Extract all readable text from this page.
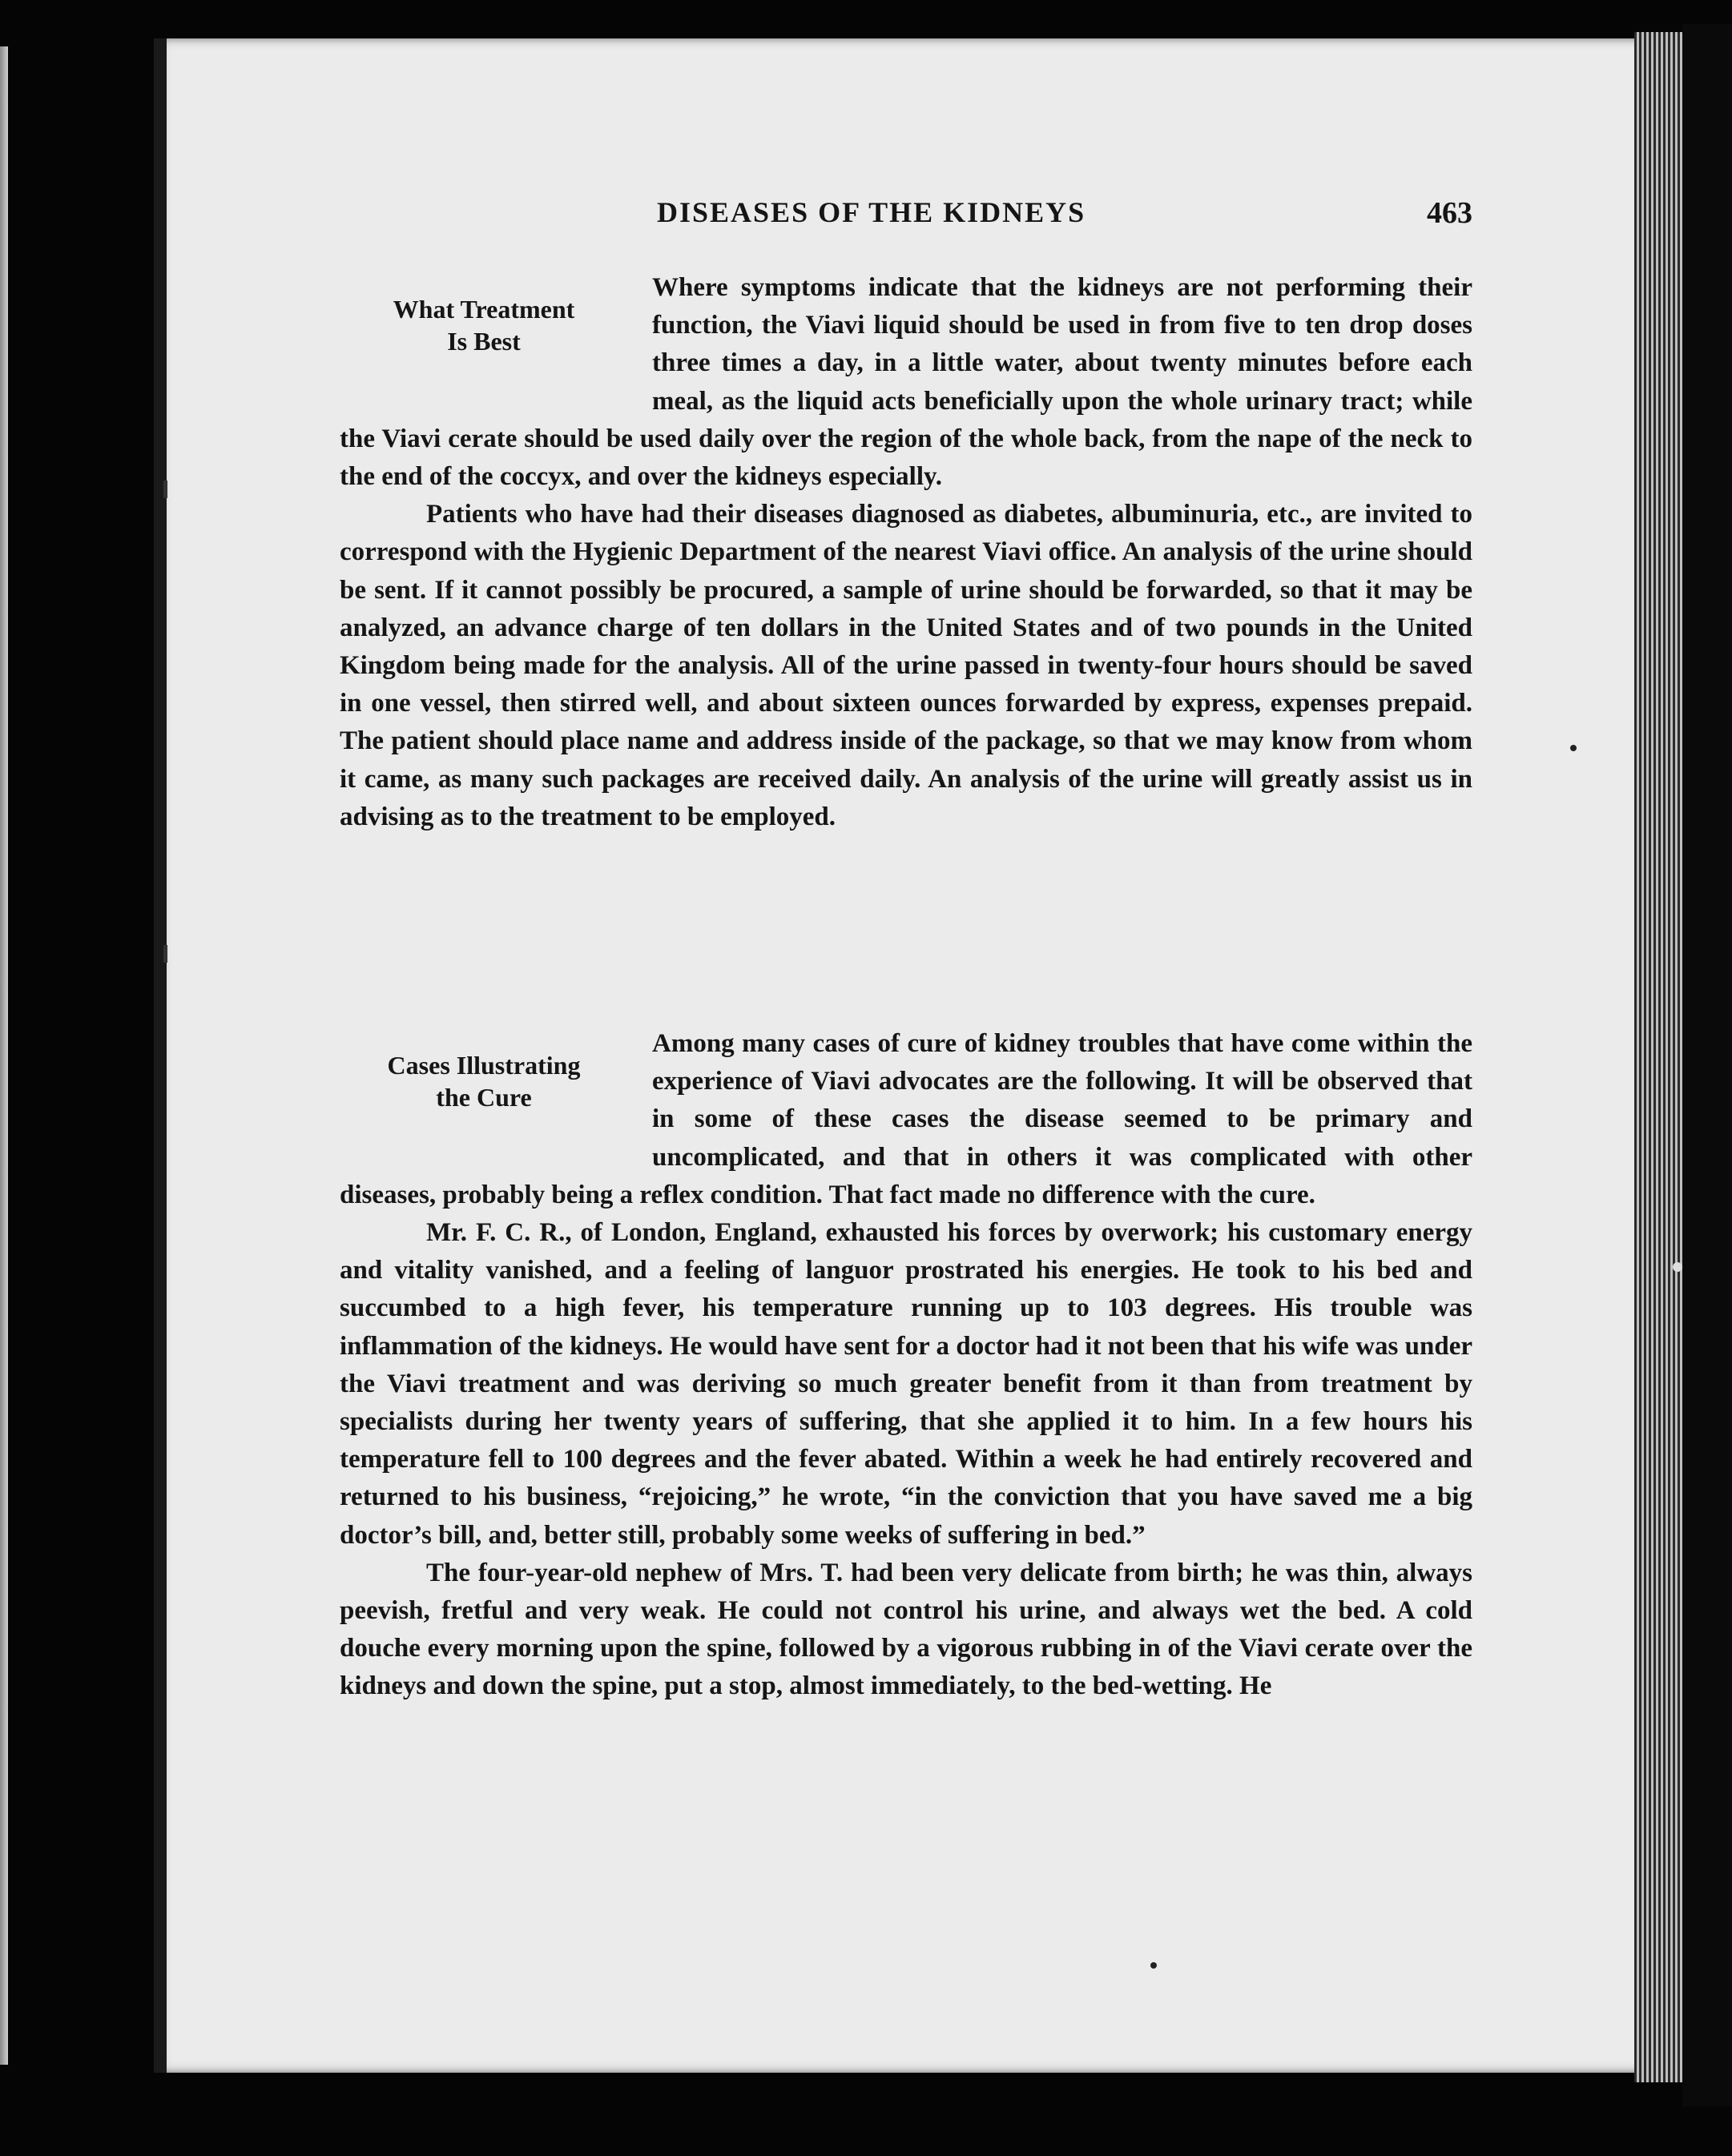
DISEASES OF THE KIDNEYS	463
What Treatment
Is Best

Where symptoms indicate that the kidneys are not performing their function, the Viavi liquid should be used in from five to ten drop doses three times a day, in a little water, about twenty minutes before each meal, as the liquid acts beneficially upon the whole urinary tract; while the Viavi cerate should be used daily over the region of the whole back, from the nape of the neck to the end of the coccyx, and over the kidneys especially.

Patients who have had their diseases diagnosed as diabetes, albuminuria, etc., are invited to correspond with the Hygienic Department of the nearest Viavi office. An analysis of the urine should be sent. If it cannot possibly be procured, a sample of urine should be forwarded, so that it may be analyzed, an advance charge of ten dollars in the United States and of two pounds in the United Kingdom being made for the analysis. All of the urine passed in twenty-four hours should be saved in one vessel, then stirred well, and about sixteen ounces forwarded by express, expenses prepaid. The patient should place name and address inside of the package, so that we may know from whom it came, as many such packages are received daily. An analysis of the urine will greatly assist us in advising as to the treatment to be employed.

Cases Illustrating
the Cure

Among many cases of cure of kidney troubles that have come within the experience of Viavi advocates are the following. It will be observed that in some of these cases the disease seemed to be primary and uncomplicated, and that in others it was complicated with other diseases, probably being a reflex condition. That fact made no difference with the cure.

Mr. F. C. R., of London, England, exhausted his forces by overwork; his customary energy and vitality vanished, and a feeling of languor prostrated his energies. He took to his bed and succumbed to a high fever, his temperature running up to 103 degrees. His trouble was inflammation of the kidneys. He would have sent for a doctor had it not been that his wife was under the Viavi treatment and was deriving so much greater benefit from it than from treatment by specialists during her twenty years of suffering, that she applied it to him. In a few hours his temperature fell to 100 degrees and the fever abated. Within a week he had entirely recovered and returned to his business, “rejoicing,” he wrote, “in the conviction that you have saved me a big doctor’s bill, and, better still, probably some weeks of suffering in bed.”

The four-year-old nephew of Mrs. T. had been very delicate from birth; he was thin, always peevish, fretful and very weak. He could not control his urine, and always wet the bed. A cold douche every morning upon the spine, followed by a vigorous rubbing in of the Viavi cerate over the kidneys and down the spine, put a stop, almost immediately, to the bed-wetting. He
